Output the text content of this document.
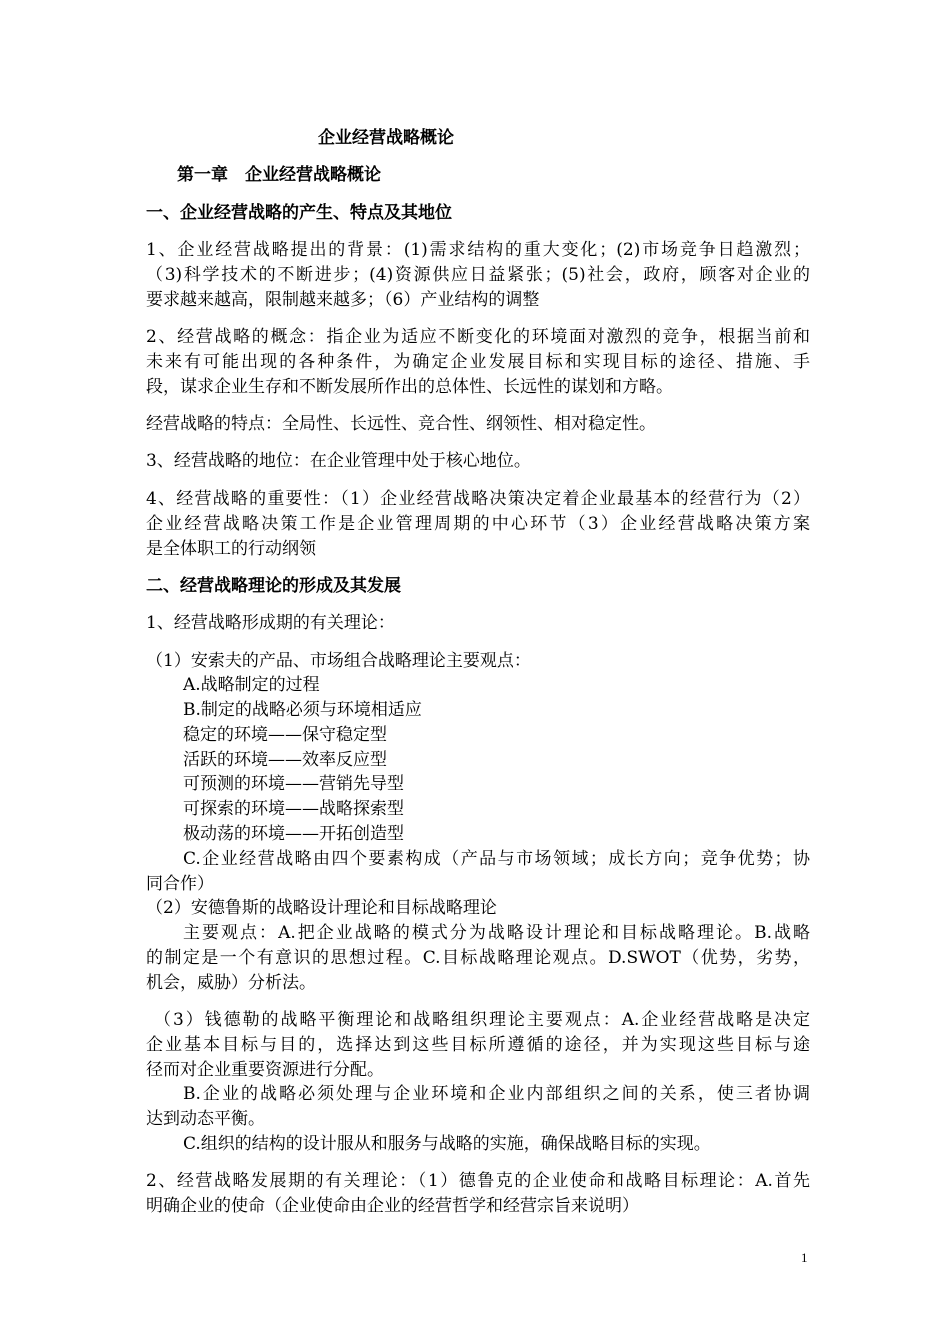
企业经营战略概论
第一章　企业经营战略概论
一、企业经营战略的产生、特点及其地位
1、企业经营战略提出的背景：(1)需求结构的重大变化；(2)市场竞争日趋激烈；
（3)科学技术的不断进步；(4)资源供应日益紧张；(5)社会，政府，顾客对企业的
要求越来越高，限制越来越多；（6）产业结构的调整
2、经营战略的概念：指企业为适应不断变化的环境面对激烈的竞争，根据当前和
未来有可能出现的各种条件，为确定企业发展目标和实现目标的途径、措施、手
段，谋求企业生存和不断发展所作出的总体性、长远性的谋划和方略。
经营战略的特点：全局性、长远性、竞合性、纲领性、相对稳定性。
3、经营战略的地位：在企业管理中处于核心地位。
4、经营战略的重要性：（1）企业经营战略决策决定着企业最基本的经营行为（2）
企业经营战略决策工作是企业管理周期的中心环节（3）企业经营战略决策方案
是全体职工的行动纲领
二、经营战略理论的形成及其发展
1、经营战略形成期的有关理论：
（1）安索夫的产品、市场组合战略理论主要观点：
A.战略制定的过程
B.制定的战略必须与环境相适应
稳定的环境——保守稳定型
活跃的环境——效率反应型
可预测的环境——营销先导型
可探索的环境——战略探索型
极动荡的环境——开拓创造型
C.企业经营战略由四个要素构成（产品与市场领域；成长方向；竞争优势；协
同合作）
（2）安德鲁斯的战略设计理论和目标战略理论
主要观点：A.把企业战略的模式分为战略设计理论和目标战略理论。B.战略
的制定是一个有意识的思想过程。C.目标战略理论观点。D.SWOT（优势，劣势，
机会，威胁）分析法。
（3）钱德勒的战略平衡理论和战略组织理论主要观点：A.企业经营战略是决定
企业基本目标与目的，选择达到这些目标所遵循的途径，并为实现这些目标与途
径而对企业重要资源进行分配。
B.企业的战略必须处理与企业环境和企业内部组织之间的关系，使三者协调
达到动态平衡。
C.组织的结构的设计服从和服务与战略的实施，确保战略目标的实现。
2、经营战略发展期的有关理论：（1）德鲁克的企业使命和战略目标理论：A.首先
明确企业的使命（企业使命由企业的经营哲学和经营宗旨来说明）
1
